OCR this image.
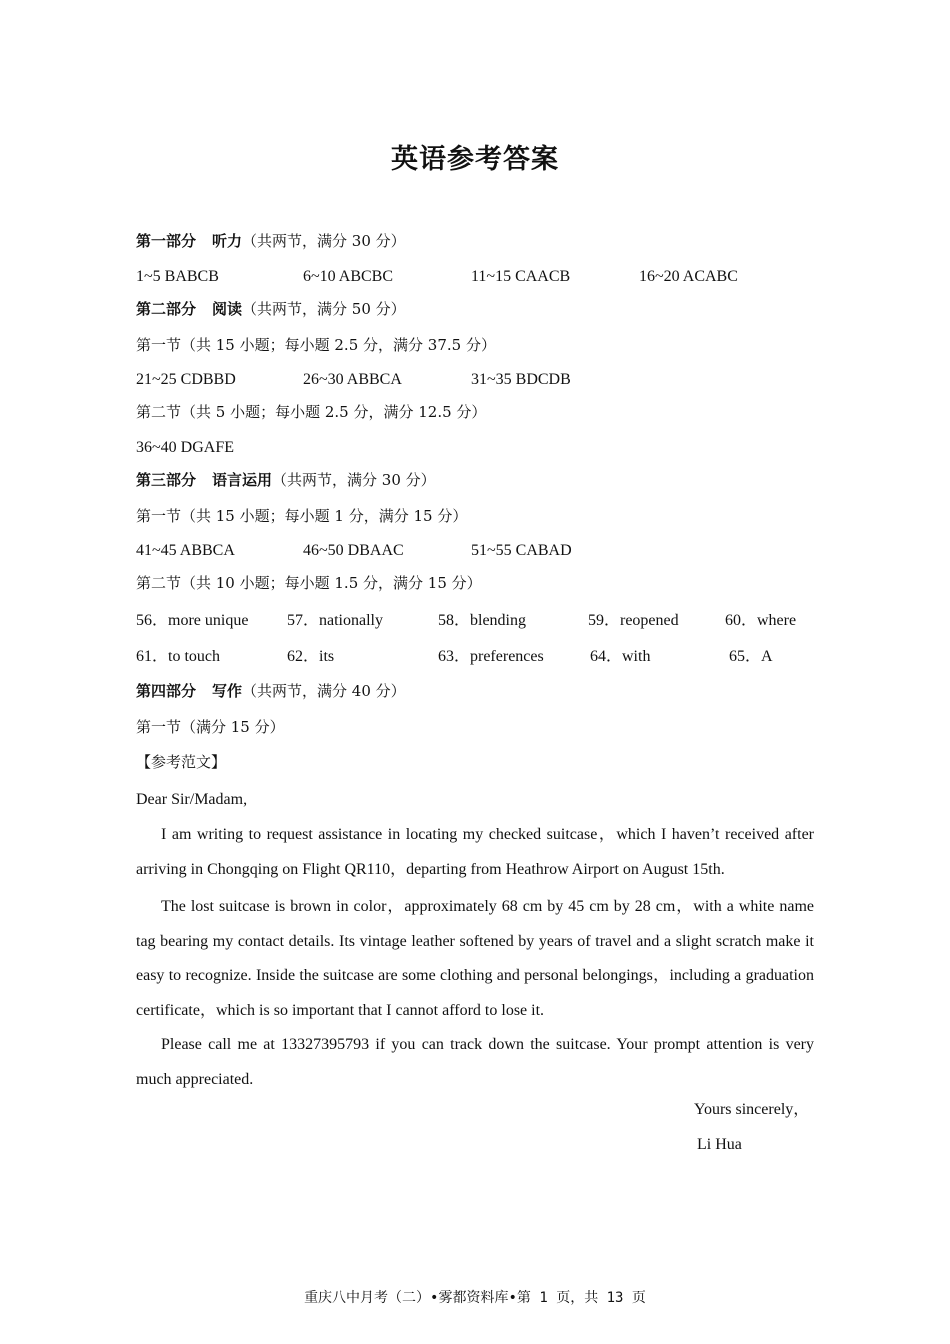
英语参考答案
第一部分 听力（共两节，满分 30 分）
1~5 BABCB	6~10 ABCBC	11~15 CAACB	16~20 ACABC
第二部分 阅读（共两节，满分 50 分）
第一节（共 15 小题；每小题 2.5 分，满分 37.5 分）
21~25 CDBBD	26~30 ABBCA	31~35 BDCDB
第二节（共 5 小题；每小题 2.5 分，满分 12.5 分）
36~40 DGAFE
第三部分 语言运用（共两节，满分 30 分）
第一节（共 15 小题；每小题 1 分，满分 15 分）
41~45 ABBCA	46~50 DBAAC	51~55 CABAD
第二节（共 10 小题；每小题 1.5 分，满分 15 分）
56．more unique 57．nationally	58．blending	59．reopened	60．where
61．to touch	62．its	63．preferences	64．with	65．A
第四部分 写作（共两节，满分 40 分）
第一节（满分 15 分）
【参考范文】
Dear Sir/Madam,
I am writing to request assistance in locating my checked suitcase，which I haven’t received after arriving in Chongqing on Flight QR110，departing from Heathrow Airport on August 15th.
The lost suitcase is brown in color，approximately 68 cm by 45 cm by 28 cm，with a white name tag bearing my contact details. Its vintage leather softened by years of travel and a slight scratch make it easy to recognize. Inside the suitcase are some clothing and personal belongings，including a graduation certificate，which is so important that I cannot afford to lose it.
Please call me at 13327395793 if you can track down the suitcase. Your prompt attention is very much appreciated.
Yours sincerely，
Li Hua
重庆八中月考（二）•雾都资料库•第 1 页，共 13 页
